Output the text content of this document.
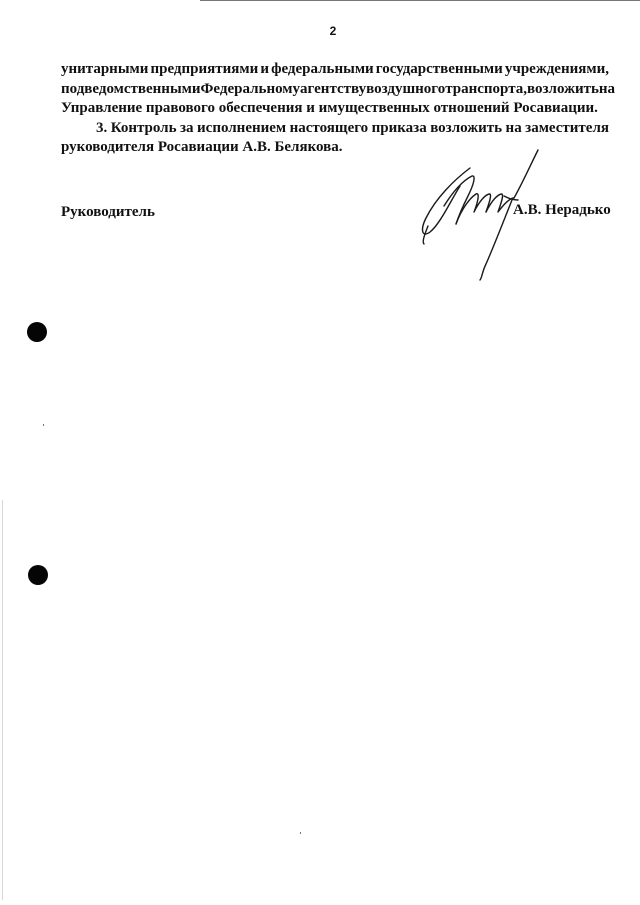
2
унитарными предприятиями и федеральными государственными учреждениями,
подведомственными Федеральному агентству воздушного транспорта, возложить на
Управление правового обеспечения и имущественных отношений Росавиации.
3. Контроль за исполнением настоящего приказа возложить на заместителя
руководителя Росавиации А.В. Белякова.
Руководитель	А.В. Нерадько
